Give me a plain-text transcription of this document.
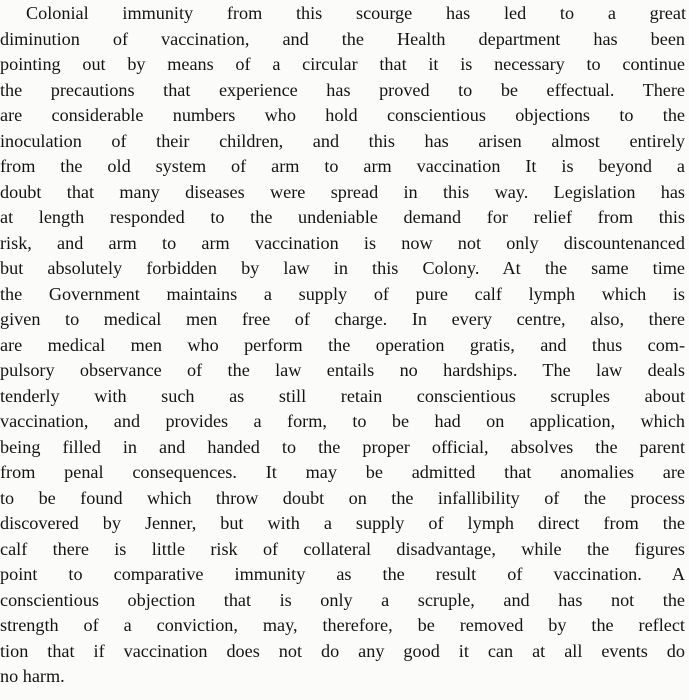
Colonial immunity from this scourge has led to a great
diminution of vaccination, and the Health department has been
pointing out by means of a circular that it is necessary to continue
the precautions that experience has proved to be effectual. There
are considerable numbers who hold conscientious objections to the
inoculation of their children, and this has arisen almost entirely
from the old system of arm to arm vaccination It is beyond a
doubt that many diseases were spread in this way. Legislation has
at length responded to the undeniable demand for relief from this
risk, and arm to arm vaccination is now not only discountenanced
but absolutely forbidden by law in this Colony. At the same time
the Government maintains a supply of pure calf lymph which is
given to medical men free of charge. In every centre, also, there
are medical men who perform the operation gratis, and thus com-
pulsory observance of the law entails no hardships. The law deals
tenderly with such as still retain conscientious scruples about
vaccination, and provides a form, to be had on application, which
being filled in and handed to the proper official, absolves the parent
from penal consequences. It may be admitted that anomalies are
to be found which throw doubt on the infallibility of the process
discovered by Jenner, but with a supply of lymph direct from the
calf there is little risk of collateral disadvantage, while the figures
point to comparative immunity as the result of vaccination. A
conscientious objection that is only a scruple, and has not the
strength of a conviction, may, therefore, be removed by the reflect
tion that if vaccination does not do any good it can at all events do
no harm.
